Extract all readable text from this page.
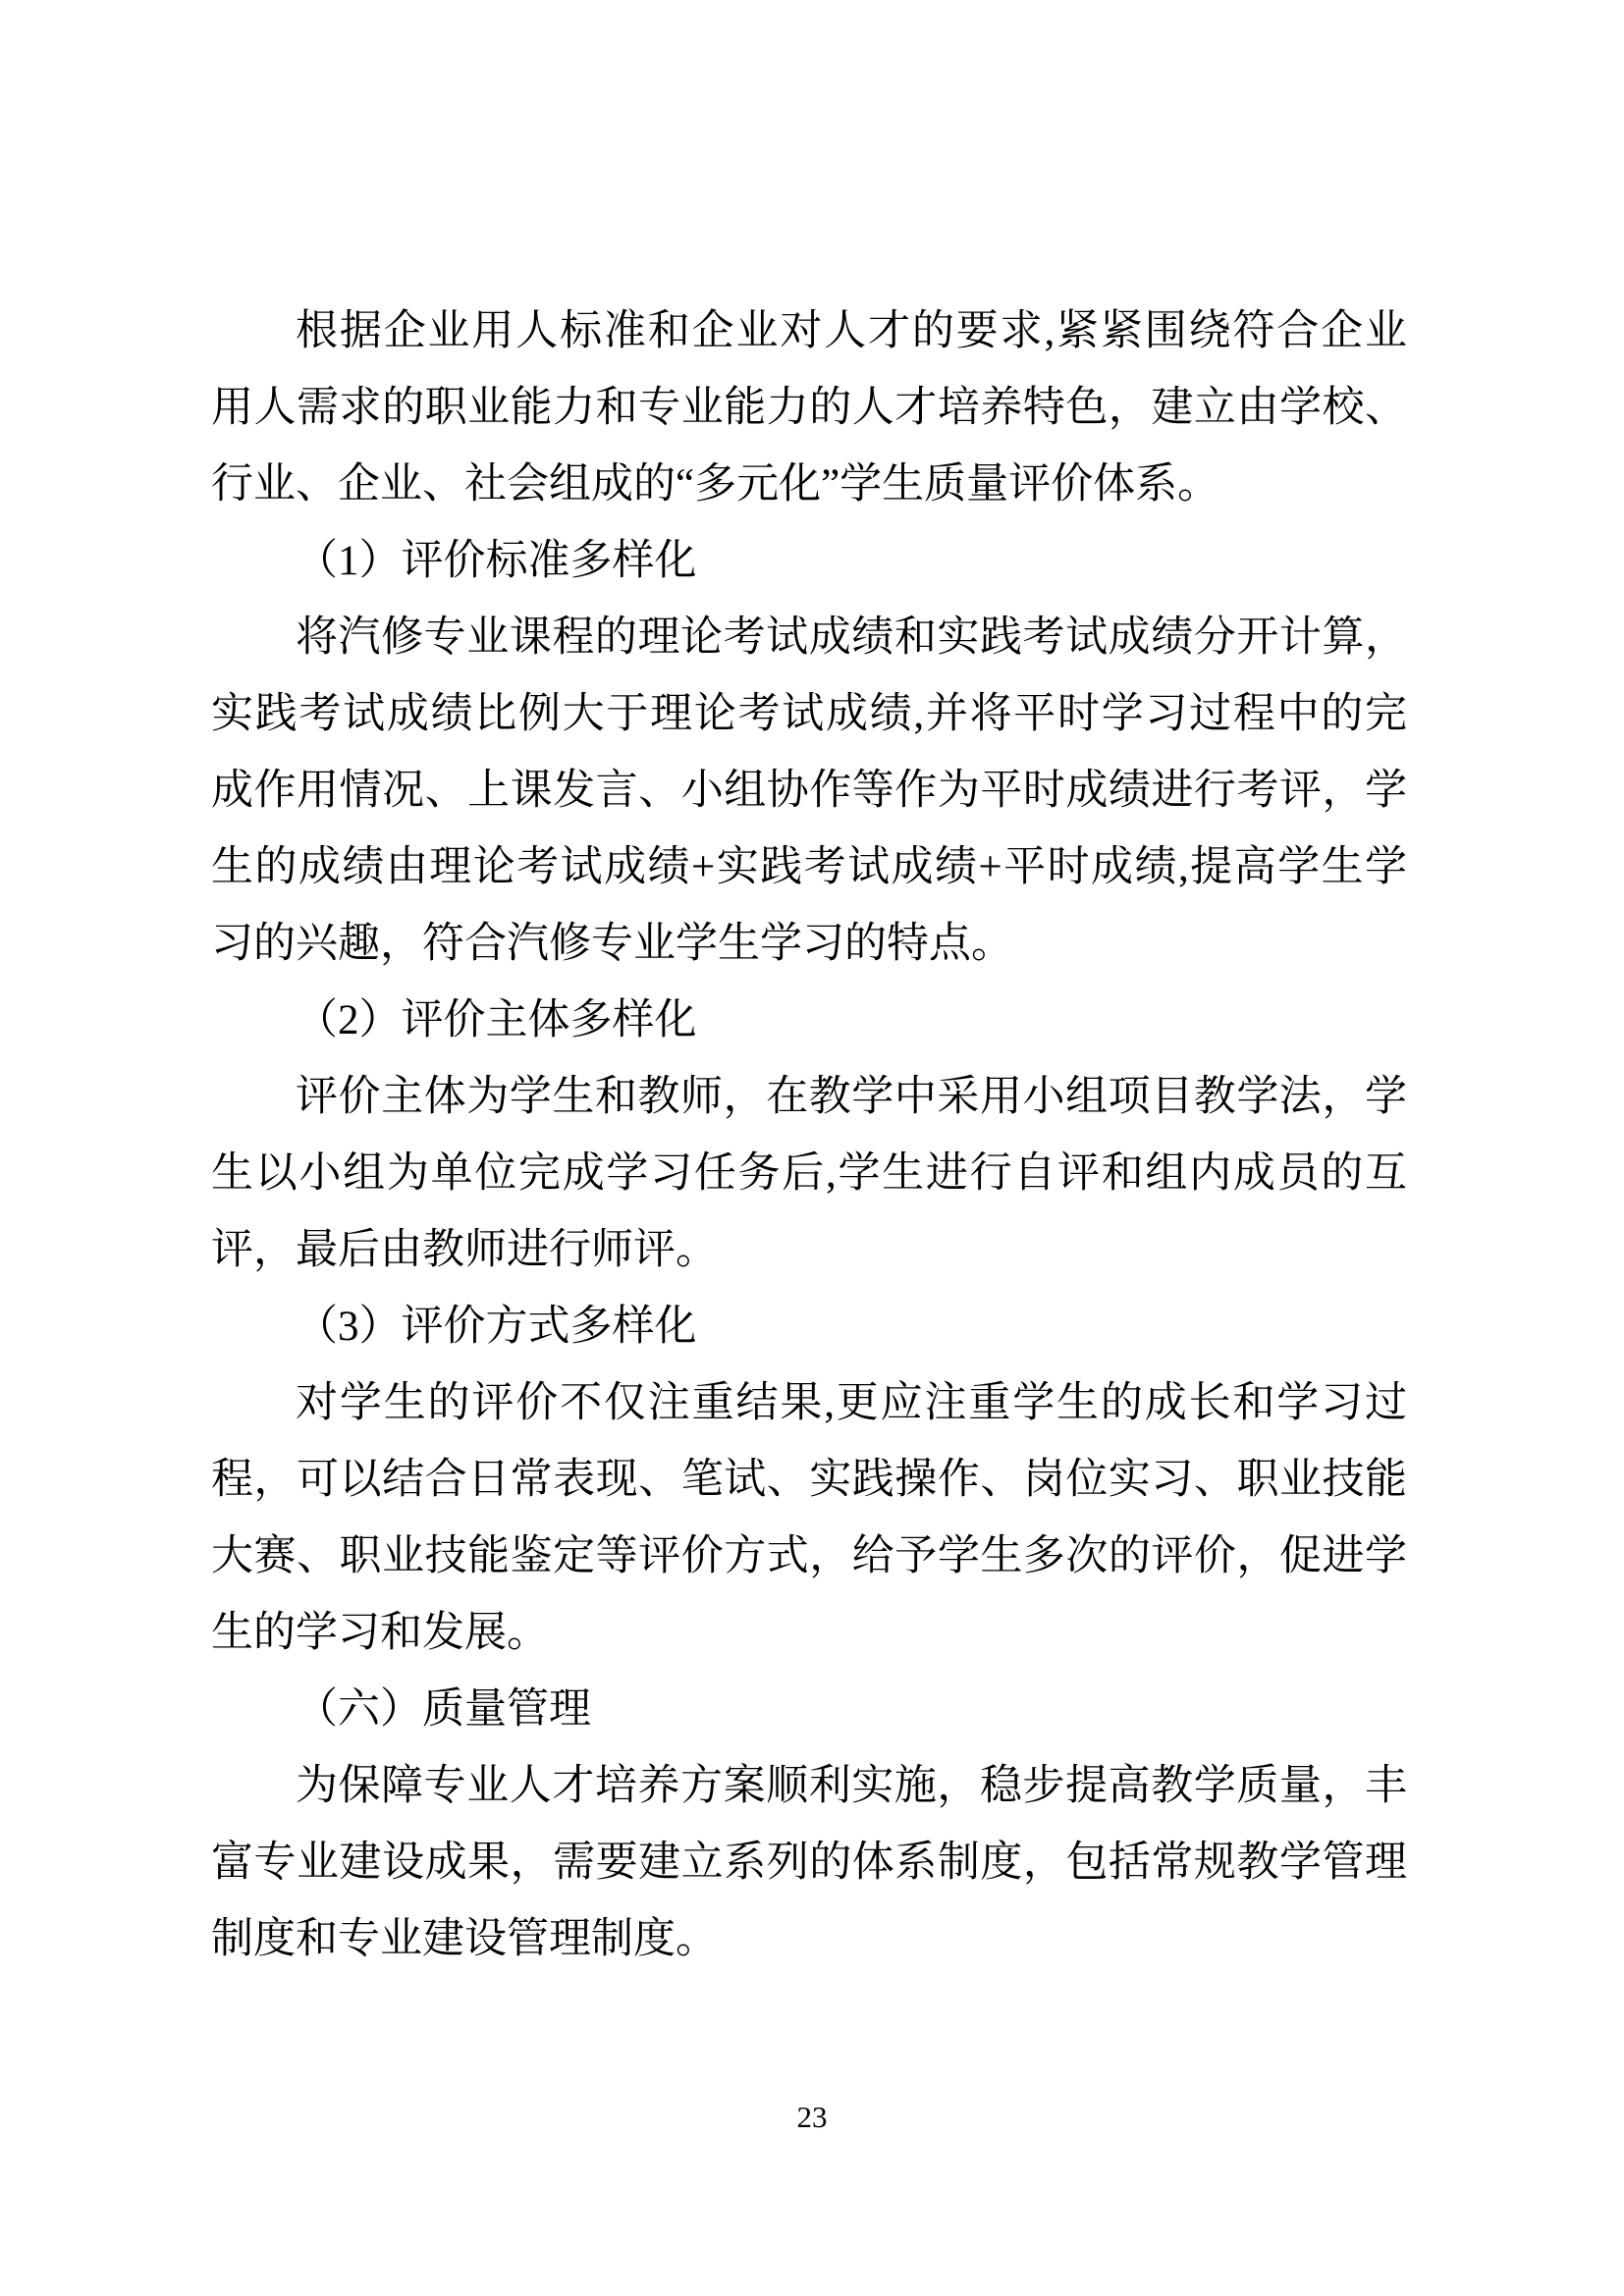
根据企业用人标准和企业对人才的要求,紧紧围绕符合企业
用人需求的职业能力和专业能力的人才培养特色，建立由学校、
行业、企业、社会组成的“多元化”学生质量评价体系。
（1）评价标准多样化
将汽修专业课程的理论考试成绩和实践考试成绩分开计算，
实践考试成绩比例大于理论考试成绩,并将平时学习过程中的完
成作用情况、上课发言、小组协作等作为平时成绩进行考评，学
生的成绩由理论考试成绩+实践考试成绩+平时成绩,提高学生学
习的兴趣，符合汽修专业学生学习的特点。
（2）评价主体多样化
评价主体为学生和教师，在教学中采用小组项目教学法，学
生以小组为单位完成学习任务后,学生进行自评和组内成员的互
评，最后由教师进行师评。
（3）评价方式多样化
对学生的评价不仅注重结果,更应注重学生的成长和学习过
程，可以结合日常表现、笔试、实践操作、岗位实习、职业技能
大赛、职业技能鉴定等评价方式，给予学生多次的评价，促进学
生的学习和发展。
（六）质量管理
为保障专业人才培养方案顺利实施，稳步提高教学质量，丰
富专业建设成果，需要建立系列的体系制度，包括常规教学管理
制度和专业建设管理制度。
23
